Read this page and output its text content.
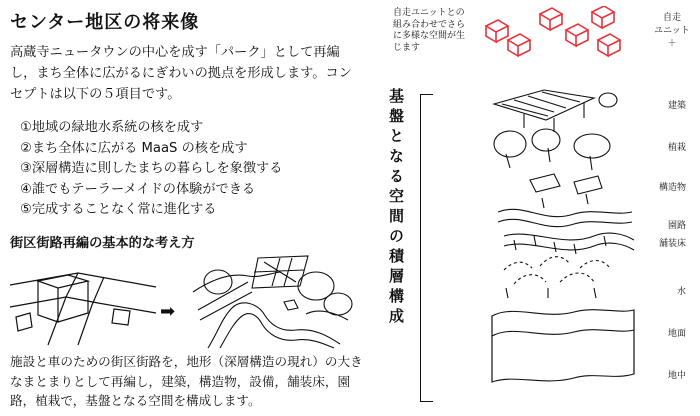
センター地区の将来像
高蔵寺ニュータウンの中心を成す「パーク」として再編し，まち全体に広がるにぎわいの拠点を形成します。コンセプトは以下の５項目です。
①地域の緑地水系統の核を成す
②まち全体に広がる MaaS の核を成す
③深層構造に則したまちの暮らしを象徴する
④誰でもテーラーメイドの体験ができる
⑤完成することなく常に進化する
街区街路再編の基本的な考え方
➡
施設と車のための街区街路を，地形（深層構造の現れ）の大きなまとまりとして再編し，建築，構造物，設備，舗装床，園路，植栽で，基盤となる空間を構成します。
自走ユニットとの組み合わせでさらに多様な空間が生じます
基盤となる空間の積層構成
自走
ユニット
＋
建築
植栽
構造物
園路
舗装床
水
地面
地中
